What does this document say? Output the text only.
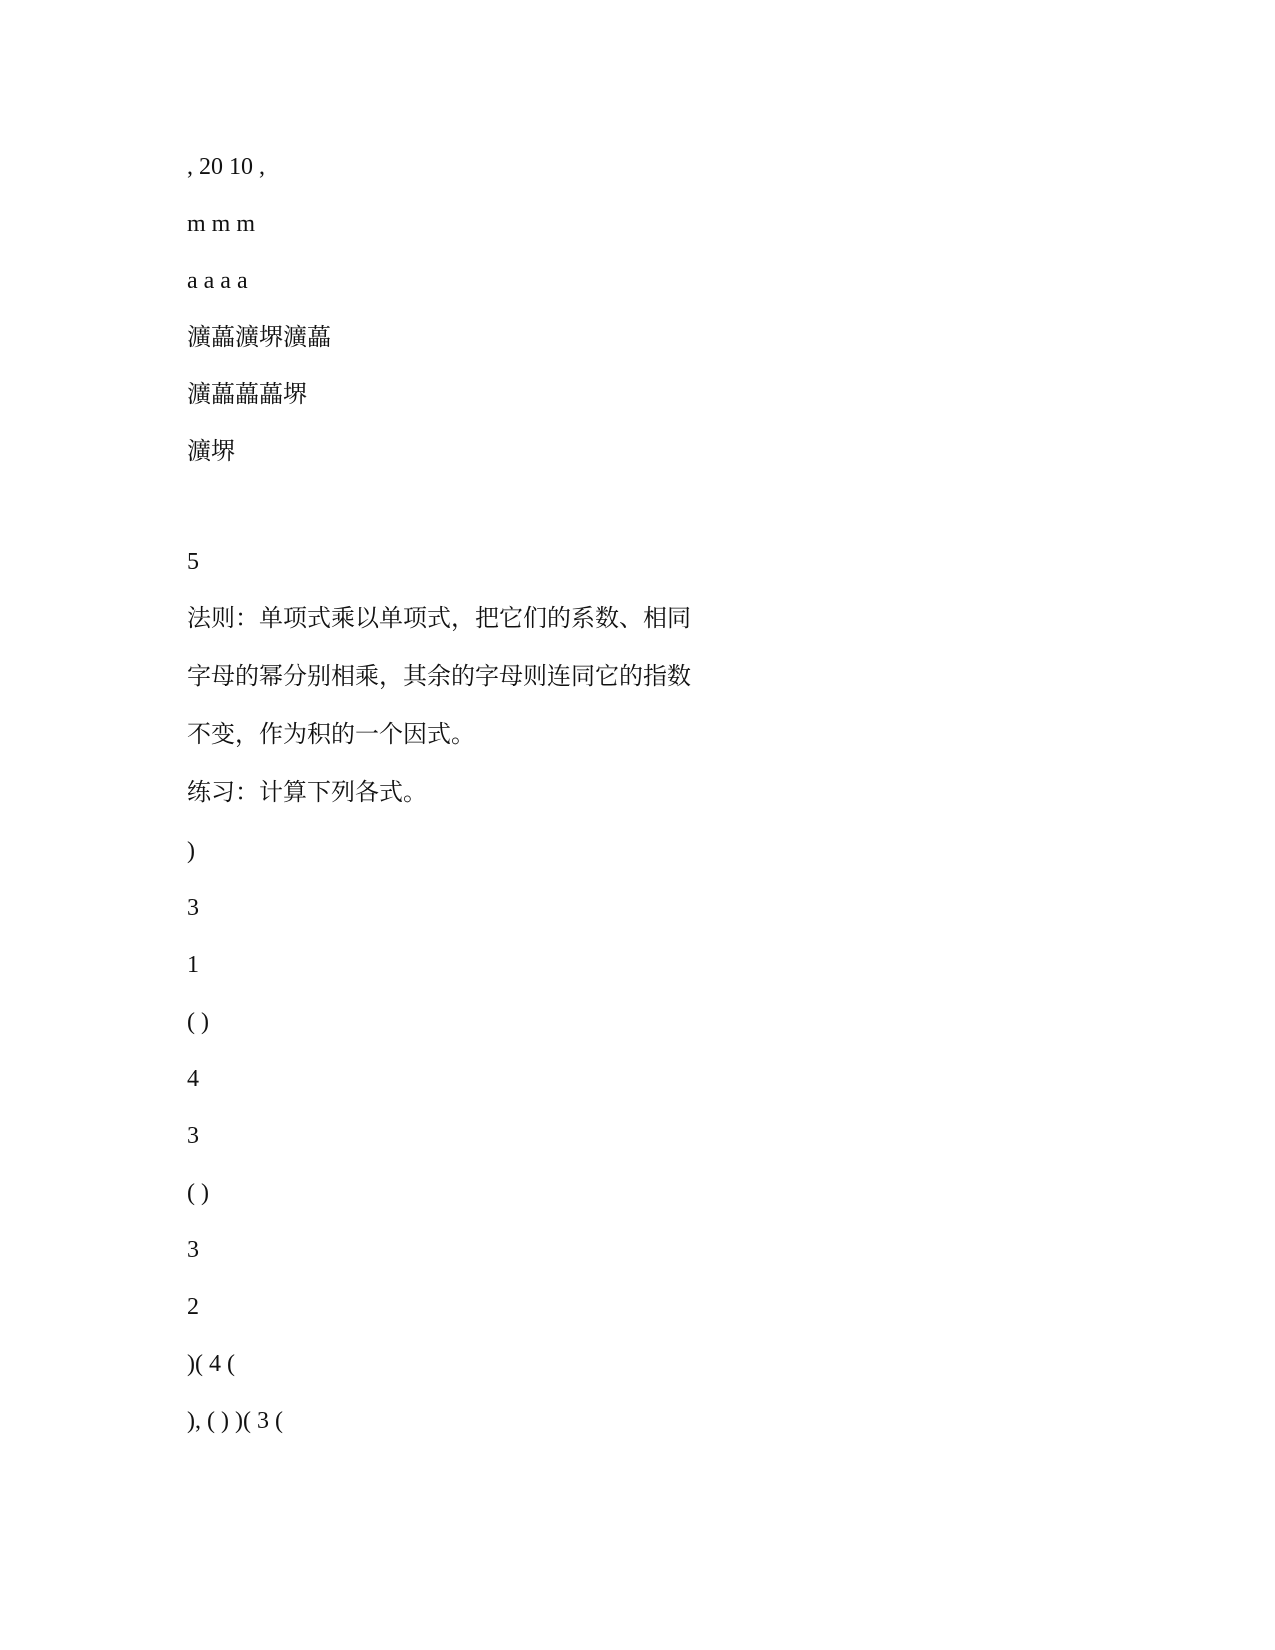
, 20 10 ,
m m m
a a a a
瀇藟瀇堺瀇藟
瀇藟藟藟堺
瀇堺
5
法则：单项式乘以单项式，把它们的系数、相同
字母的幂分别相乘，其余的字母则连同它的指数
不变，作为积的一个因式。
练习：计算下列各式。
)
3
1
( )
4
3
( )
3
2
)( 4 (
), ( ) )( 3 (
